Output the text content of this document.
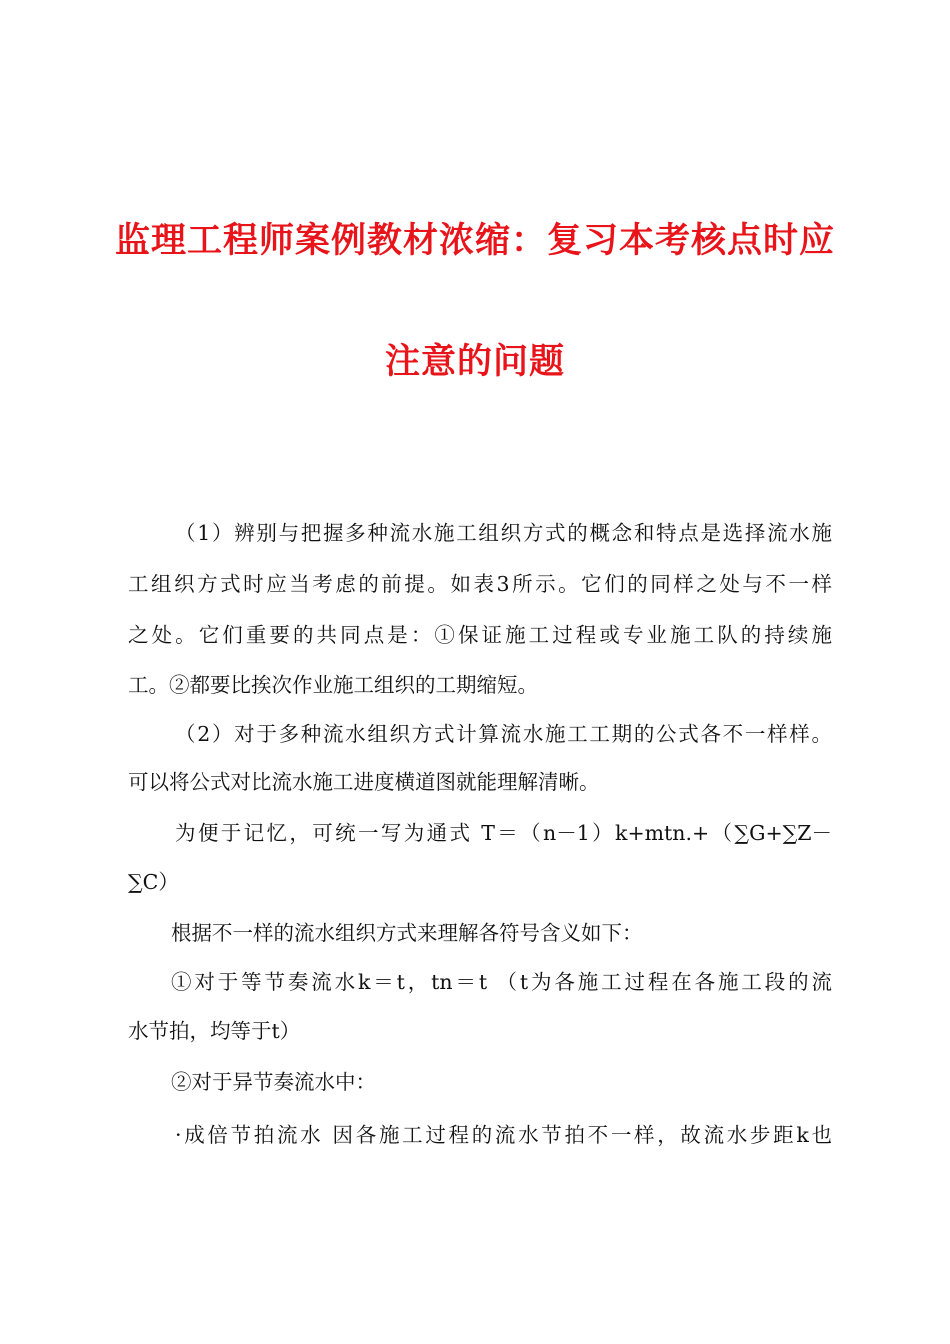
监理工程师案例教材浓缩：复习本考核点时应
注意的问题
（1）辨别与把握多种流水施工组织方式的概念和特点是选择流水施
工组织方式时应当考虑的前提。如表3所示。它们的同样之处与不一样
之处。它们重要的共同点是：①保证施工过程或专业施工队的持续施
工。②都要比挨次作业施工组织的工期缩短。
（2）对于多种流水组织方式计算流水施工工期的公式各不一样样。
可以将公式对比流水施工进度横道图就能理解清晰。
为便于记忆，可统一写为通式 T＝（n－1）k+mtn.+（∑G+∑Z－
∑C）
根据不一样的流水组织方式来理解各符号含义如下：
①对于等节奏流水k＝t，tn＝t （t为各施工过程在各施工段的流
水节拍，均等于t）
②对于异节奏流水中：
·成倍节拍流水 因各施工过程的流水节拍不一样，故流水步距k也
